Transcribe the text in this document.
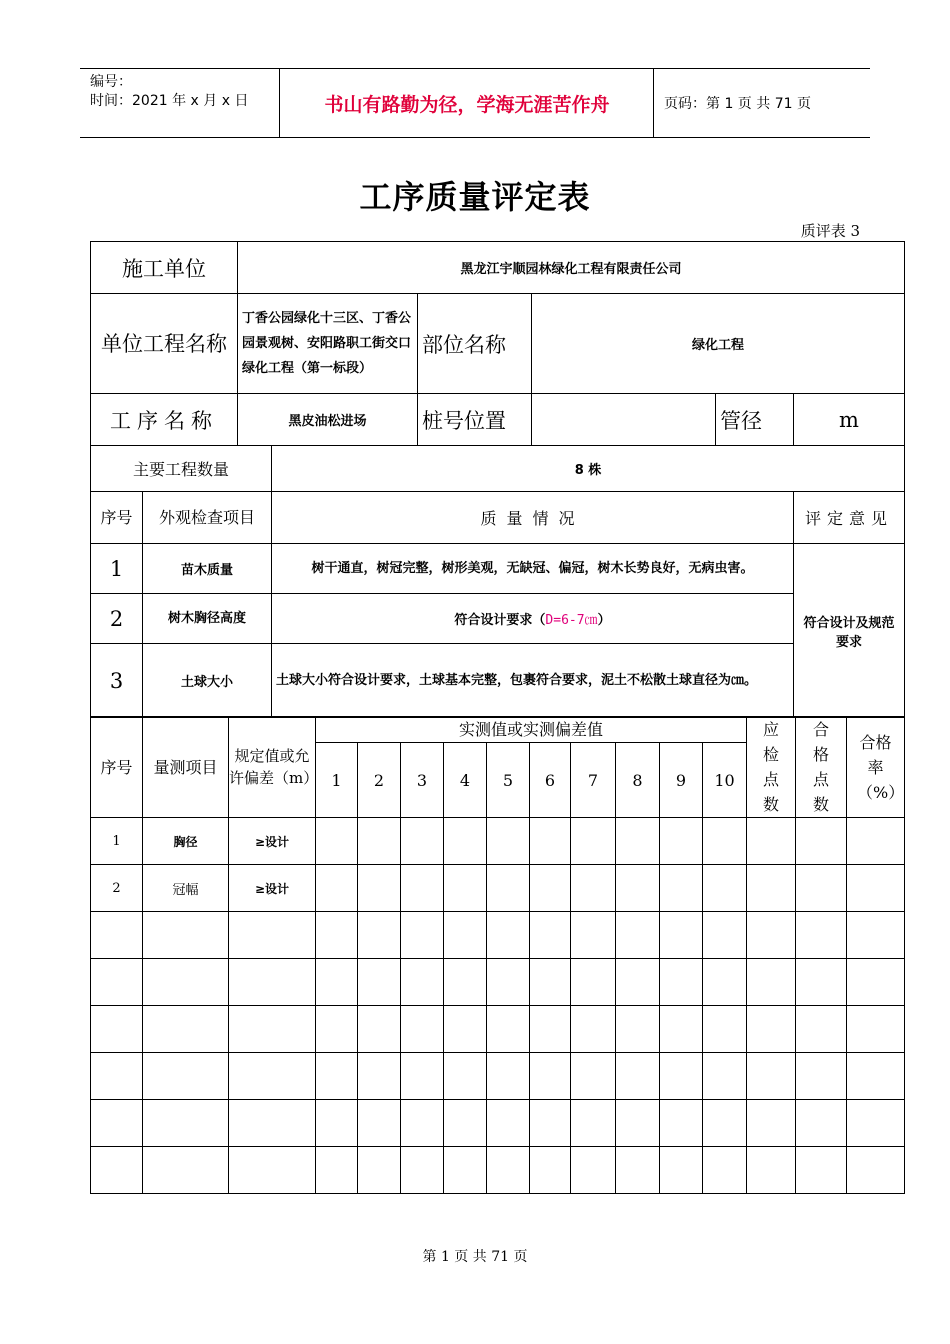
编号：
时间：2021 年 x 月 x 日	书山有路勤为径，学海无涯苦作舟	页码：第 1 页 共 71 页
工序质量评定表
质评表 3
施工单位		黑龙江宇顺园林绿化工程有限责任公司					
单位工程名称		丁香公园绿化十三区、丁香公园景观树、安阳路职工街交口绿化工程（第一标段）		部位名称	绿化工程		
工序名称		黑皮油松进场		桩号位置		管径	m
主要工程数量			8 株				
序号	外观检查项目		质量情况				评定意见
1	苗木质量		树干通直，树冠完整，树形美观，无缺冠、偏冠，树木长势良好，无病虫害。				符合设计及规范要求
2	树木胸径高度		符合设计要求（D=6-7㎝）				
3	土球大小		土球大小符合设计要求，土球基本完整，包裹符合要求，泥土不松散土球直径为㎝。				
序号	量测项目	规定值或允许偏差（m）	实测值或实测偏差值										应检点数	合格点数	合格率（%）
			1	2	3	4	5	6	7	8	9	10			
1	胸径	≥设计													
2	冠幅	≥设计													

第 1 页 共 71 页
